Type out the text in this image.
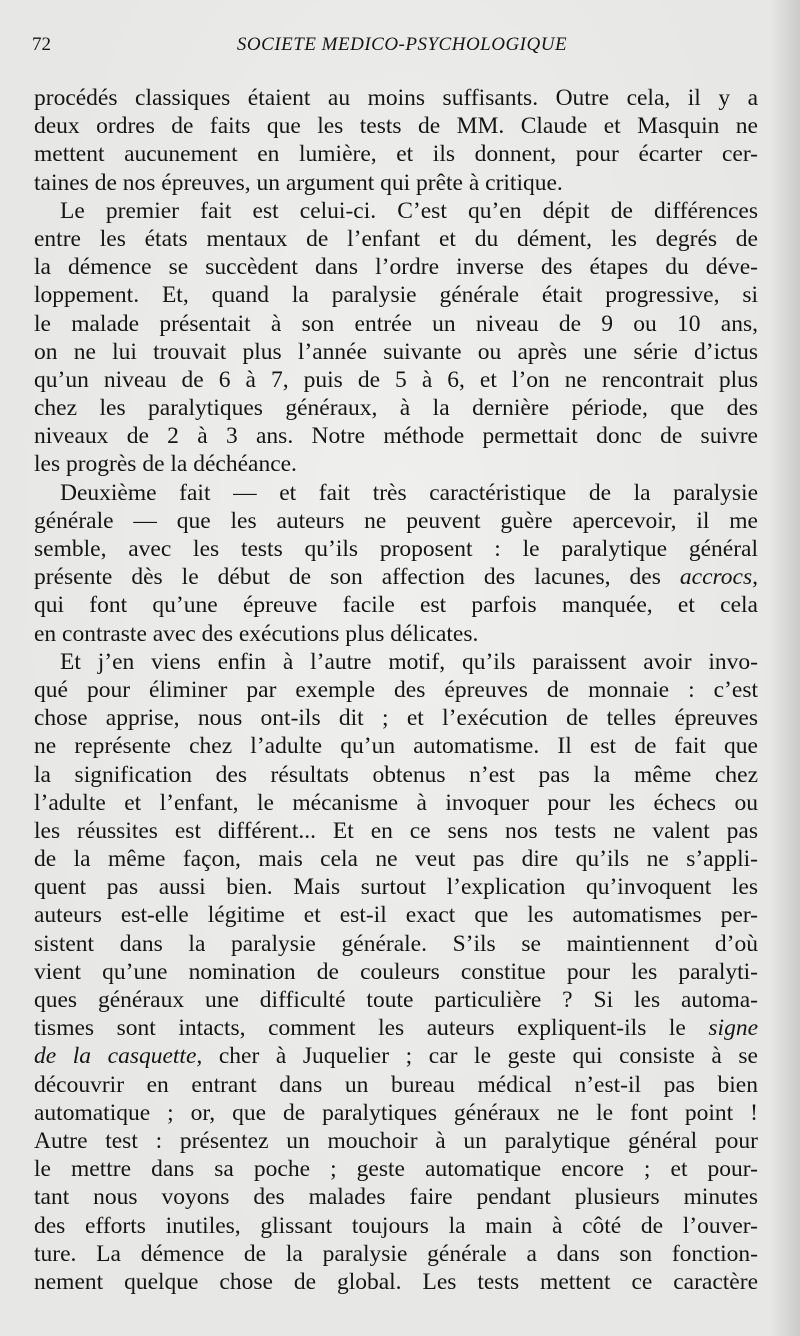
72	SOCIETE MEDICO-PSYCHOLOGIQUE
procédés classiques étaient au moins suffisants. Outre cela, il y a
deux ordres de faits que les tests de MM. Claude et Masquin ne
mettent aucunement en lumière, et ils donnent, pour écarter cer-
taines de nos épreuves, un argument qui prête à critique.
Le premier fait est celui-ci. C’est qu’en dépit de différences
entre les états mentaux de l’enfant et du dément, les degrés de
la démence se succèdent dans l’ordre inverse des étapes du déve-
loppement. Et, quand la paralysie générale était progressive, si
le malade présentait à son entrée un niveau de 9 ou 10 ans,
on ne lui trouvait plus l’année suivante ou après une série d’ictus
qu’un niveau de 6 à 7, puis de 5 à 6, et l’on ne rencontrait plus
chez les paralytiques généraux, à la dernière période, que des
niveaux de 2 à 3 ans. Notre méthode permettait donc de suivre
les progrès de la déchéance.
Deuxième fait — et fait très caractéristique de la paralysie
générale — que les auteurs ne peuvent guère apercevoir, il me
semble, avec les tests qu’ils proposent : le paralytique général
présente dès le début de son affection des lacunes, des accrocs,
qui font qu’une épreuve facile est parfois manquée, et cela
en contraste avec des exécutions plus délicates.
Et j’en viens enfin à l’autre motif, qu’ils paraissent avoir invo-
qué pour éliminer par exemple des épreuves de monnaie : c’est
chose apprise, nous ont-ils dit ; et l’exécution de telles épreuves
ne représente chez l’adulte qu’un automatisme. Il est de fait que
la signification des résultats obtenus n’est pas la même chez
l’adulte et l’enfant, le mécanisme à invoquer pour les échecs ou
les réussites est différent... Et en ce sens nos tests ne valent pas
de la même façon, mais cela ne veut pas dire qu’ils ne s’appli-
quent pas aussi bien. Mais surtout l’explication qu’invoquent les
auteurs est-elle légitime et est-il exact que les automatismes per-
sistent dans la paralysie générale. S’ils se maintiennent d’où
vient qu’une nomination de couleurs constitue pour les paralyti-
ques généraux une difficulté toute particulière ? Si les automa-
tismes sont intacts, comment les auteurs expliquent-ils le signe
de la casquette, cher à Juquelier ; car le geste qui consiste à se
découvrir en entrant dans un bureau médical n’est-il pas bien
automatique ; or, que de paralytiques généraux ne le font point !
Autre test : présentez un mouchoir à un paralytique général pour
le mettre dans sa poche ; geste automatique encore ; et pour-
tant nous voyons des malades faire pendant plusieurs minutes
des efforts inutiles, glissant toujours la main à côté de l’ouver-
ture. La démence de la paralysie générale a dans son fonction-
nement quelque chose de global. Les tests mettent ce caractère
